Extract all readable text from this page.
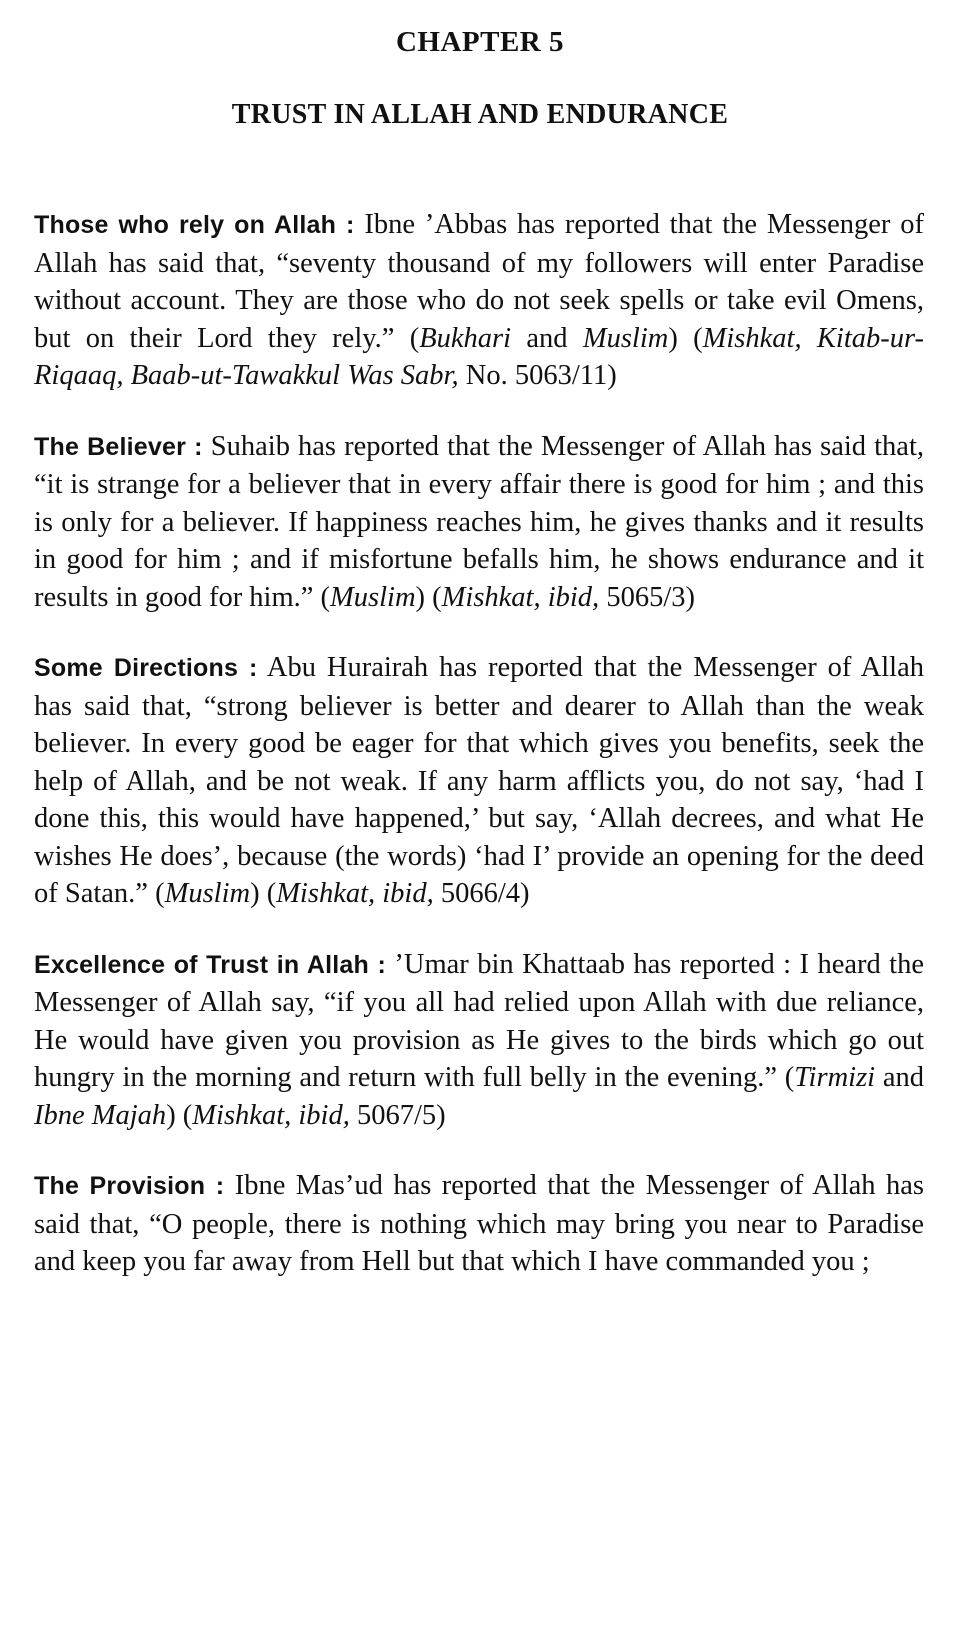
CHAPTER 5
TRUST IN ALLAH AND ENDURANCE

Those who rely on Allah : Ibne ’Abbas has reported that the Messenger of Allah has said that, “seventy thousand of my followers will enter Paradise without account. They are those who do not seek spells or take evil Omens, but on their Lord they rely.” (Bukhari and Muslim) (Mishkat, Kitab-ur-Riqaaq, Baab-ut-Tawakkul Was Sabr, No. 5063/11)

The Believer : Suhaib has reported that the Messenger of Allah has said that, “it is strange for a believer that in every affair there is good for him ; and this is only for a believer. If happiness reaches him, he gives thanks and it results in good for him ; and if misfortune befalls him, he shows endurance and it results in good for him.” (Muslim) (Mishkat, ibid, 5065/3)

Some Directions : Abu Hurairah has reported that the Messenger of Allah has said that, “strong believer is better and dearer to Allah than the weak believer. In every good be eager for that which gives you benefits, seek the help of Allah, and be not weak. If any harm afflicts you, do not say, ‘had I done this, this would have happened,’ but say, ‘Allah decrees, and what He wishes He does’, because (the words) ‘had I’ provide an opening for the deed of Satan.” (Muslim) (Mishkat, ibid, 5066/4)

Excellence of Trust in Allah : ’Umar bin Khattaab has reported : I heard the Messenger of Allah say, “if you all had relied upon Allah with due reliance, He would have given you provision as He gives to the birds which go out hungry in the morning and return with full belly in the evening.” (Tirmizi and Ibne Majah) (Mishkat, ibid, 5067/5)

The Provision : Ibne Mas’ud has reported that the Messenger of Allah has said that, “O people, there is nothing which may bring you near to Paradise and keep you far away from Hell but that which I have commanded you ;
